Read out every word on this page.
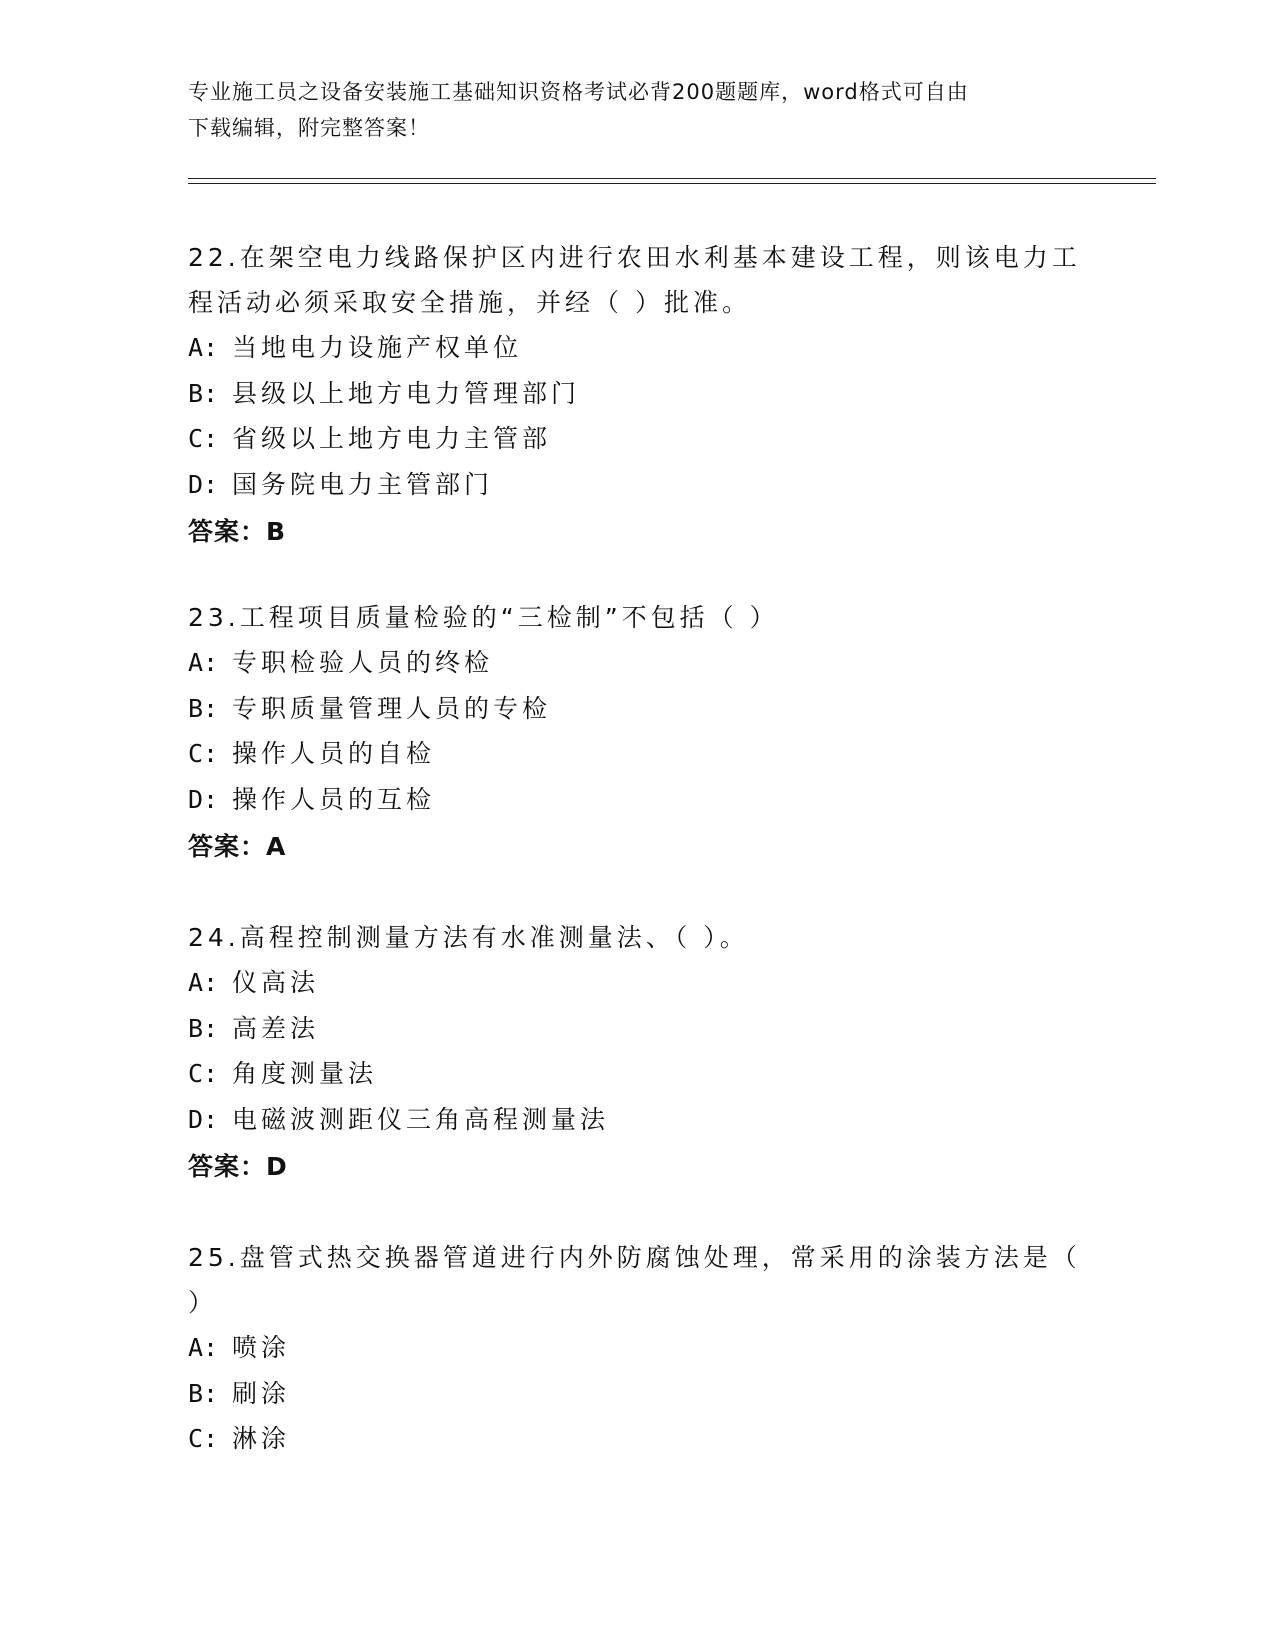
专业施工员之设备安装施工基础知识资格考试必背200题题库，word格式可自由
下载编辑，附完整答案！
22.在架空电力线路保护区内进行农田水利基本建设工程，则该电力工
程活动必须采取安全措施，并经（ ）批准。
A: 当地电力设施产权单位
B: 县级以上地方电力管理部门
C: 省级以上地方电力主管部
D: 国务院电力主管部门
答案：B
23.工程项目质量检验的“三检制”不包括（ ）
A: 专职检验人员的终检
B: 专职质量管理人员的专检
C: 操作人员的自检
D: 操作人员的互检
答案：A
24.高程控制测量方法有水准测量法、（ ）。
A: 仪高法
B: 高差法
C: 角度测量法
D: 电磁波测距仪三角高程测量法
答案：D
25.盘管式热交换器管道进行内外防腐蚀处理，常采用的涂装方法是（
）
A: 喷涂
B: 刷涂
C: 淋涂
